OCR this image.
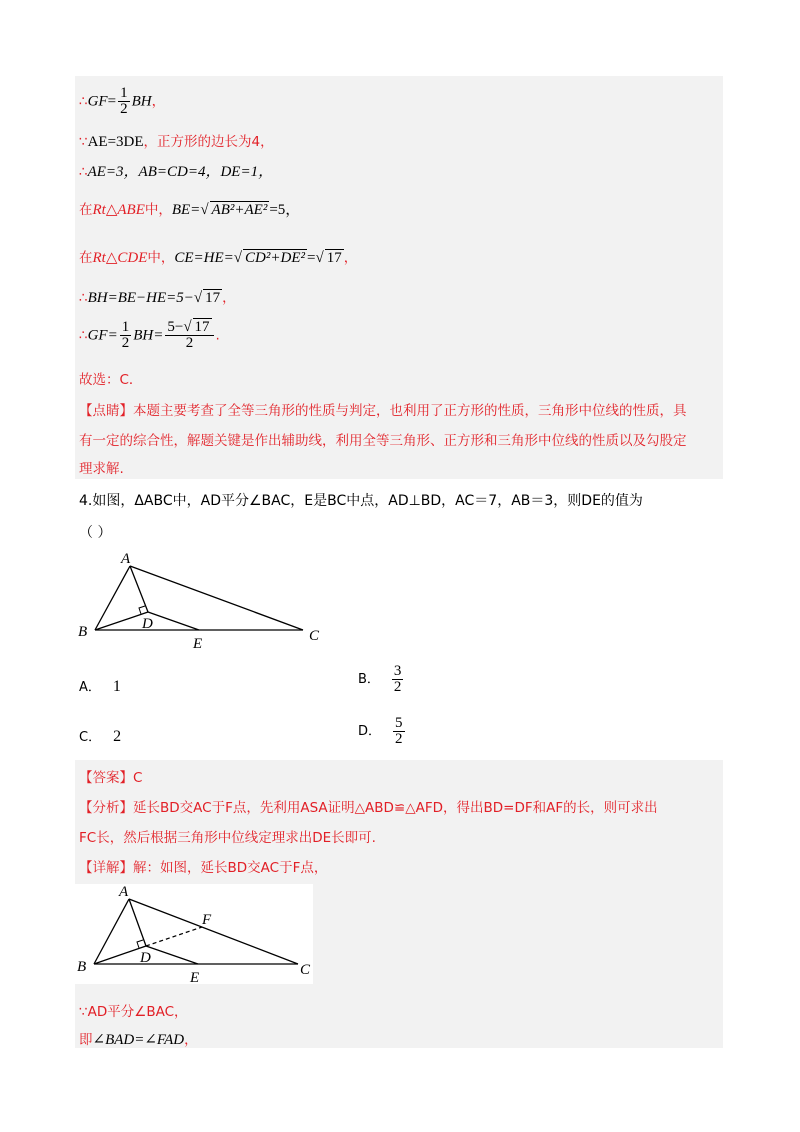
∴GF= $\frac{1}{2}$ BH，
∵AE=3DE，正方形的边长为4，
∴AE=3，AB=CD=4，DE=1，
在Rt△ABE中，BE=√ AB²+AE² =5，
在Rt△CDE中，CE=HE=√ CD²+DE² =√ 17 ，
∴BH=BE−HE=5−√ 17 ，
∴GF= $\frac{1}{2} BH= \frac{5-√ 17}{2}$ .
故选：C．
【点睛】本题主要考查了全等三角形的性质与判定，也利用了正方形的性质，三角形中位线的性质，具
有一定的综合性，解题关键是作出辅助线，利用全等三角形、正方形和三角形中位线的性质以及勾股定
理求解.
4.如图，ΔABC中，AD平分∠BAC，E是BC中点，AD⊥BD，AC＝7，AB＝3，则DE的值为
（ ）
A
B	C
D
E
A． 1	B． $\frac{3}{2}$
C． 2	D． $\frac{5}{2}$
【答案】C
【分析】延长BD交AC于F点，先利用ASA证明△ABD≌△AFD，得出BD=DF和AF的长，则可求出
FC长，然后根据三角形中位线定理求出DE长即可.
【详解】解：如图，延长BD交AC于F点，
A
B	C
D
E
F
∵AD平分∠BAC，
即∠BAD=∠FAD，
